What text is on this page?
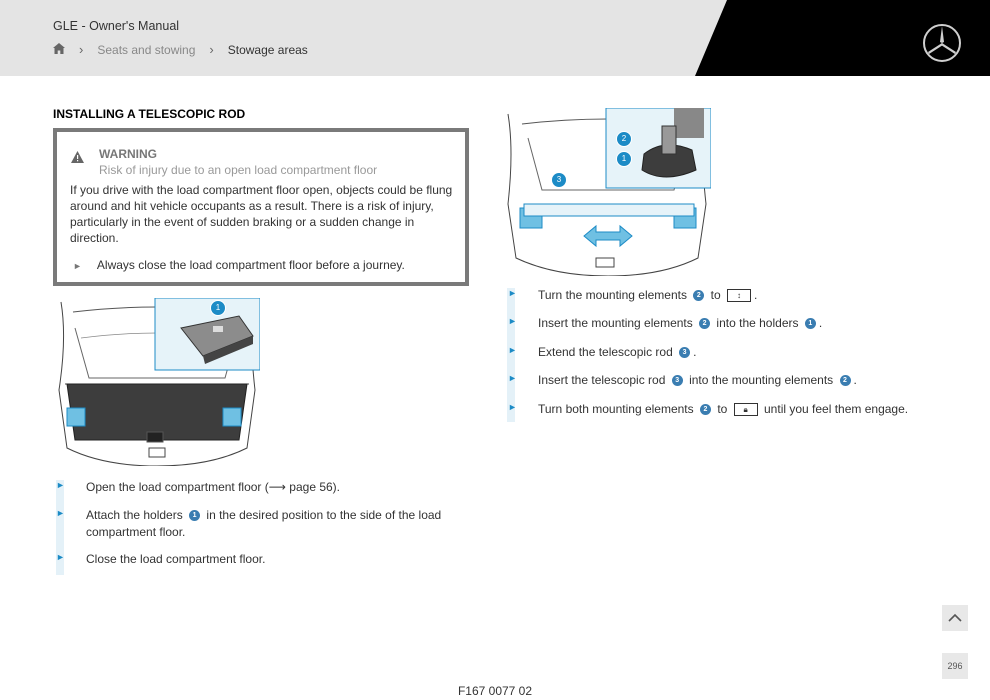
GLE - Owner's Manual
› Seats and stowing › Stowage areas
INSTALLING A TELESCOPIC ROD
WARNING
Risk of injury due to an open load compartment floor
If you drive with the load compartment floor open, objects could be flung around and hit vehicle occupants as a result. There is a risk of injury, particularly in the event of sudden braking or a sudden change in direction.
► Always close the load compartment floor before a journey.
1
2
1
3
► Open the load compartment floor (⟶ page 56).
► Attach the holders 1 in the desired position to the side of the load
compartment floor.
► Close the load compartment floor.
► Turn the mounting elements 2 to ↕ .
► Insert the mounting elements 2 into the holders 1 .
► Extend the telescopic rod 3 .
► Insert the telescopic rod 3 into the mounting elements 2 .
► Turn both mounting elements 2 to 🔒︎ until you feel them engage.
296
F167 0077 02
